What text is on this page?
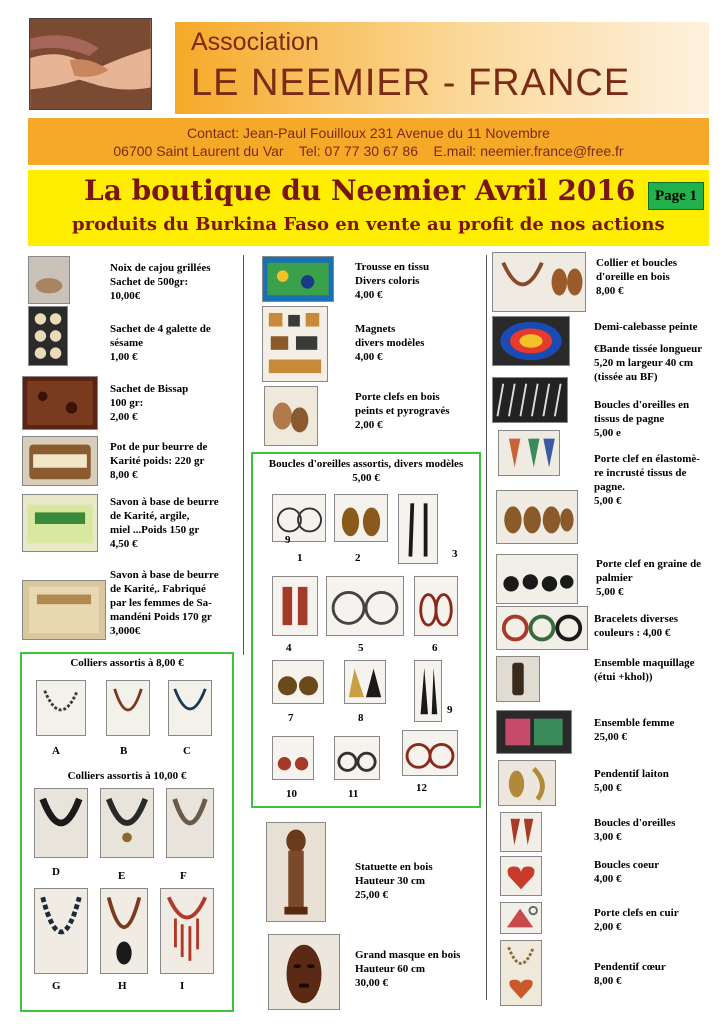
Association
LE NEEMIER - FRANCE
Contact: Jean-Paul Fouilloux 231 Avenue du 11 Novembre
06700 Saint Laurent du Var    Tel: 07 77 30 67 86    E.mail: neemier.france@free.fr
La boutique du Neemier Avril 2016
produits du Burkina Faso en vente au profit de nos actions
Page 1
Noix de cajou grillées
Sachet de 500gr:
10,00€
Sachet de 4 galette de
sésame
1,00 €
Sachet de Bissap
100 gr:
2,00 €
Pot de pur beurre de
Karité poids: 220 gr
8,00 €
Savon à base de beurre
de Karité, argile,
miel ...Poids 150 gr
4,50 €
Savon à base de beurre
de Karité,. Fabriqué
par les femmes de Sa-
mandéni Poids 170 gr
3,000€
Colliers assortis à 8,00 €
Colliers assortis à 10,00 €
A	B	C
D	E	F
G	H	I
Trousse en tissu
Divers coloris
4,00 €
Magnets
divers modèles
4,00 €
Porte clefs en bois
peints et pyrogravés
2,00 €
Boucles d'oreilles assortis, divers modèles
5,00 €
1	2	3
4	5	6
7	8
9
9
10	11	12
Statuette en bois
Hauteur 30 cm
25,00 €
Grand masque en bois
Hauteur 60 cm
30,00 €
Collier et boucles
d'oreille en bois
8,00 €
Demi-calebasse peinte
€Bande tissée longueur
5,20 m largeur 40 cm
(tissée au BF)
Boucles d'oreilles en
tissus de pagne
5,00 e
Porte clef en élastomè-
re incrusté tissus de
pagne.
5,00 €
Porte clef en graine de
palmier
5,00 €
Bracelets diverses
couleurs : 4,00 €
Ensemble maquillage
(étui +khol))
Ensemble femme
25,00 €
Pendentif laiton
5,00 €
Boucles d'oreilles
3,00 €
Boucles coeur
4,00 €
Porte clefs en cuir
2,00 €
Pendentif cœur
8,00 €
